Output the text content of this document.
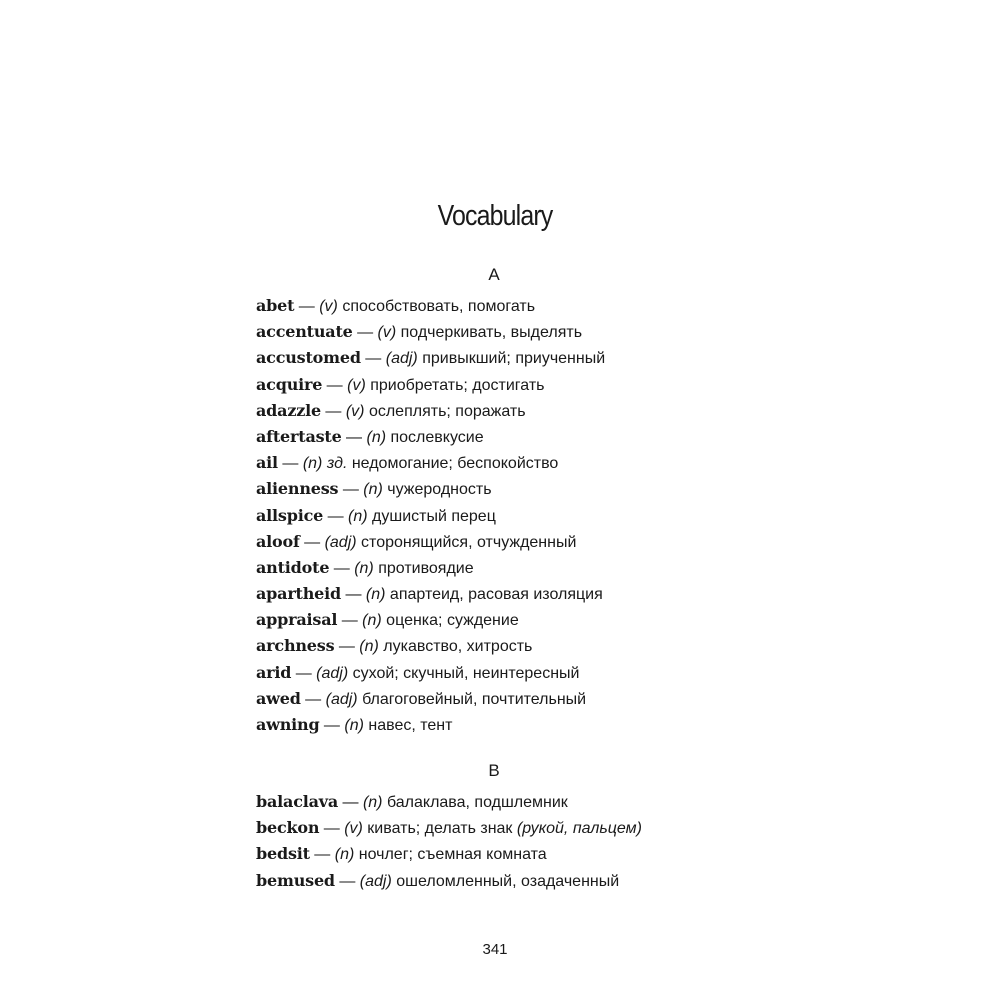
Vocabulary
A
abet — (v) способствовать, помогать
accentuate — (v) подчеркивать, выделять
accustomed — (adj) привыкший; приученный
acquire — (v) приобретать; достигать
adazzle — (v) ослеплять; поражать
aftertaste — (n) послевкусие
ail — (n) зд. недомогание; беспокойство
alienness — (n) чужеродность
allspice — (n) душистый перец
aloof — (adj) сторонящийся, отчужденный
antidote — (n) противоядие
apartheid — (n) апартеид, расовая изоляция
appraisal — (n) оценка; суждение
archness — (n) лукавство, хитрость
arid — (adj) сухой; скучный, неинтересный
awed — (adj) благоговейный, почтительный
awning — (n) навес, тент
B
balaclava — (n) балаклава, подшлемник
beckon — (v) кивать; делать знак (рукой, пальцем)
bedsit — (n) ночлег; съемная комната
bemused — (adj) ошеломленный, озадаченный
341
